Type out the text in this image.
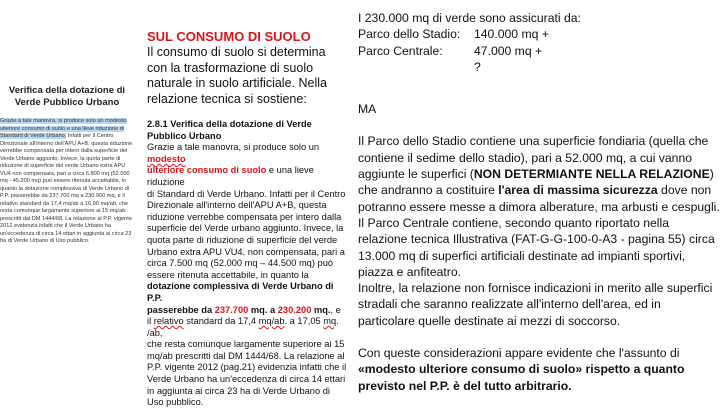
Verifica della dotazione di Verde Pubblico Urbano
Grazie a tale manovra, si produce solo un modesto ulteriore consumo di suolo e una lieve riduzione di Standard di Verde Urbano. Infatti per il Centro Direzionale all'interno dell'APU A+B, questa riduzione verrebbe compensata per intero dalla superficie del Verde Urbano aggiunto. Invece, la quota parte di riduzione di superficie del verde Urbano extra APU VU4 non compensata, pari a circa 6.800 mq (52.000 mq - 45.200 mq) può essere ritenuta accettabile, in quanto la dotazione complessiva di Verde Urbano di P.P. passerebbe da 237.700 mq a 230.900 mq, e il relativo standard da 17,4 mq/ab a 16,90 mq/ab, che resta comunque largamente superiore ai 15 mq/ab prescritti dal DM 1444/68. La relazione al P.P. vigente 2012 evidenzia infatti che il Verde Urbano ha un'eccedenza di circa 14 ettari in aggiunta ai circa 23 ha di Verde Urbano di Uso pubblico.
SUL CONSUMO DI SUOLO
Il consumo di suolo si determina con la trasformazione di suolo naturale in suolo artificiale. Nella relazione tecnica si sostiene:
2.8.1 Verifica della dotazione di Verde Pubblico Urbano
Grazie a tale manovra, si produce solo un modesto
ulteriore consumo di suolo e una lieve riduzione
di Standard di Verde Urbano. Infatti per il Centro Direzionale all'interno dell'APU A+B, questa riduzione verrebbe compensata per intero dalla superficie del Verde urbano aggiunto. Invece, la quota parte di riduzione di superficie del verde Urbano extra APU VU4. non compensata, pari a circa 7.500 mq (52.000 mq – 44.500 mq) può essere ritenuta accettabile, in quanto la dotazione complessiva di Verde Urbano di P.P.
passerebbe da 237.700 mq. a 230.200 mq., e il relativo standard da 17,4 mq/ab. a 17,05 mq. /ab,
che resta comunque largamente superiore ai 15 mq/ab prescritti dal DM 1444/68. La relazione al P.P. vigente 2012 (pag.21) evidenzia infatti che il Verde Urbano ha un'eccedenza di circa 14 ettari in aggiunta ai circa 23 ha di Verde Urbano di Uso pubblico.
I 230.000 mq di verde sono assicurati da:
Parco dello Stadio:	140.000 mq +
Parco Centrale:	47.000 mq +
?
MA
Il Parco dello Stadio contiene una superficie fondiaria (quella che contiene il sedime dello stadio), pari a 52.000 mq, a cui vanno aggiunte le superfici (NON DETERMIANTE NELLA RELAZIONE) che andranno a costituire l'area di massima sicurezza dove non potranno essere messe a dimora alberature, ma arbusti e cespugli.
Il Parco Centrale contiene, secondo quanto riportato nella relazione tecnica Illustrativa (FAT-G-G-100-0-A3 - pagina 55) circa 13.000 mq di superfici artificiali destinate ad impianti sportivi, piazza e anfiteatro.
Inoltre, la relazione non fornisce indicazioni in merito alle superfici stradali che saranno realizzate all'interno dell'area, ed in particolare quelle destinate ai mezzi di soccorso.
Con queste considerazioni appare evidente che l'assunto di «modesto ulteriore consumo di suolo» rispetto a quanto previsto nel P.P. è del tutto arbitrario.
